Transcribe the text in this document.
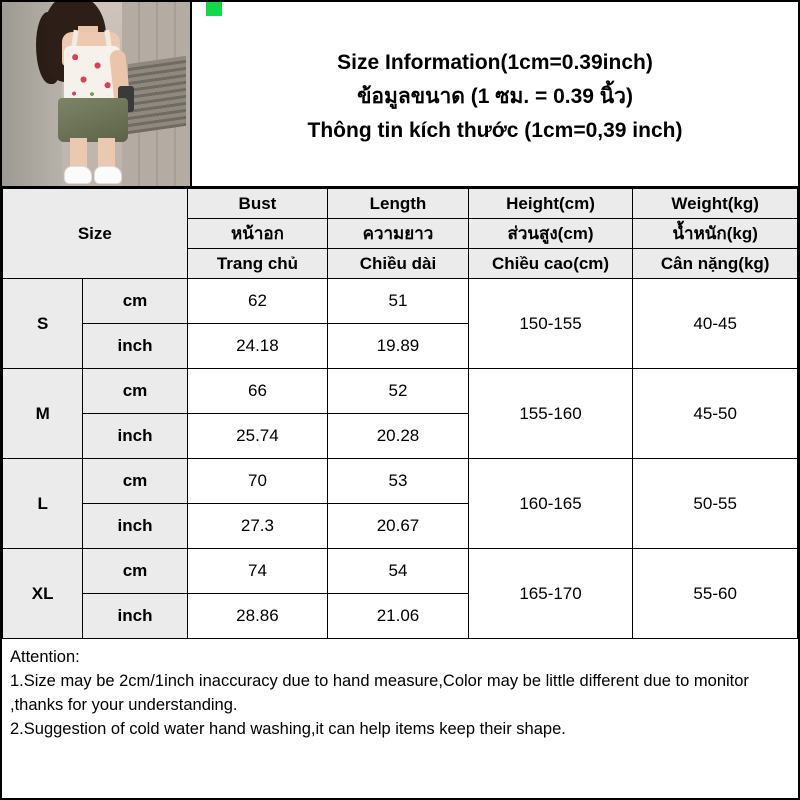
Size Information(1cm=0.39inch)
ข้อมูลขนาด (1 ซม. = 0.39 นิ้ว)
Thông tin kích thước (1cm=0,39 inch)
Size		Bust	Length	Height(cm)	Weight(kg)
		หน้าอก	ความยาว	ส่วนสูง(cm)	น้ำหนัก(kg)
		Trang chủ	Chiều dài	Chiều cao(cm)	Cân nặng(kg)
S	cm	62	51	150-155	40-45
	inch	24.18	19.89		
M	cm	66	52	155-160	45-50
	inch	25.74	20.28		
L	cm	70	53	160-165	50-55
	inch	27.3	20.67		
XL	cm	74	54	165-170	55-60
	inch	28.86	21.06		
Attention:
1.Size may be 2cm/1inch inaccuracy due to hand measure,Color may be little different due to monitor ,thanks for your understanding.
2.Suggestion of cold water hand washing,it can help items keep their shape.
